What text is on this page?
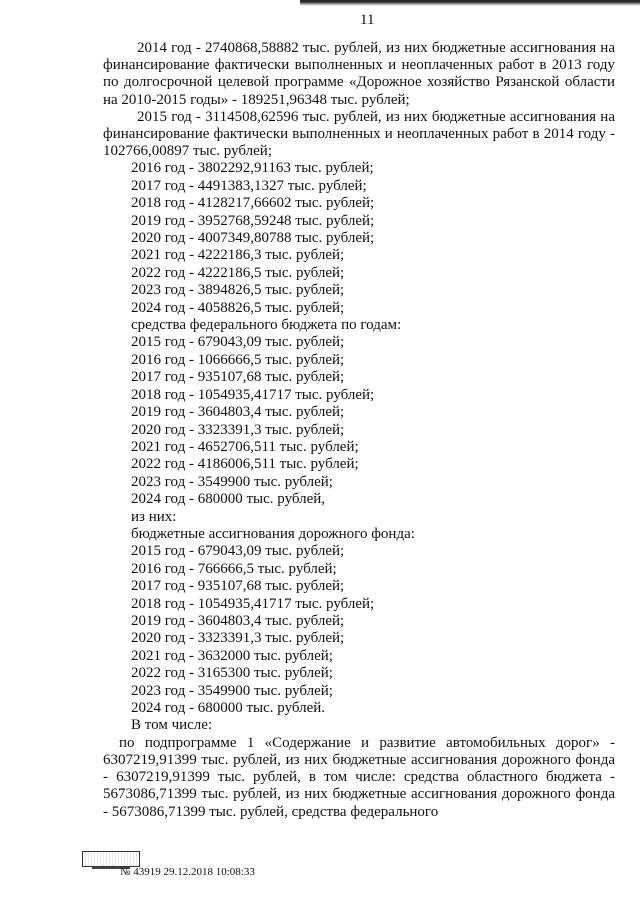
11

2014 год - 2740868,58882 тыс. рублей, из них бюджетные ассигнования на финансирование фактически выполненных и неоплаченных работ в 2013 году по долгосрочной целевой программе «Дорожное хозяйство Рязанской области на 2010-2015 годы» - 189251,96348 тыс. рублей;

2015 год - 3114508,62596 тыс. рублей, из них бюджетные ассигнования на финансирование фактически выполненных и неоплаченных работ в 2014 году - 102766,00897 тыс. рублей;

2016 год - 3802292,91163 тыс. рублей;
2017 год - 4491383,1327 тыс. рублей;
2018 год - 4128217,66602 тыс. рублей;
2019 год - 3952768,59248 тыс. рублей;
2020 год - 4007349,80788 тыс. рублей;
2021 год - 4222186,3 тыс. рублей;
2022 год - 4222186,5 тыс. рублей;
2023 год - 3894826,5 тыс. рублей;
2024 год - 4058826,5 тыс. рублей;
средства федерального бюджета по годам:
2015 год - 679043,09 тыс. рублей;
2016 год - 1066666,5 тыс. рублей;
2017 год - 935107,68 тыс. рублей;
2018 год - 1054935,41717 тыс. рублей;
2019 год - 3604803,4 тыс. рублей;
2020 год - 3323391,3 тыс. рублей;
2021 год - 4652706,511 тыс. рублей;
2022 год - 4186006,511 тыс. рублей;
2023 год - 3549900 тыс. рублей;
2024 год - 680000 тыс. рублей,
из них:
бюджетные ассигнования дорожного фонда:
2015 год - 679043,09 тыс. рублей;
2016 год - 766666,5 тыс. рублей;
2017 год - 935107,68 тыс. рублей;
2018 год - 1054935,41717 тыс. рублей;
2019 год - 3604803,4 тыс. рублей;
2020 год - 3323391,3 тыс. рублей;
2021 год - 3632000 тыс. рублей;
2022 год - 3165300 тыс. рублей;
2023 год - 3549900 тыс. рублей;
2024 год - 680000 тыс. рублей.
В том числе:

по подпрограмме 1 «Содержание и развитие автомобильных дорог» - 6307219,91399 тыс. рублей, из них бюджетные ассигнования дорожного фонда - 6307219,91399 тыс. рублей, в том числе: средства областного бюджета - 5673086,71399 тыс. рублей, из них бюджетные ассигнования дорожного фонда - 5673086,71399 тыс. рублей, средства федерального

№ 43919 29.12.2018 10:08:33
